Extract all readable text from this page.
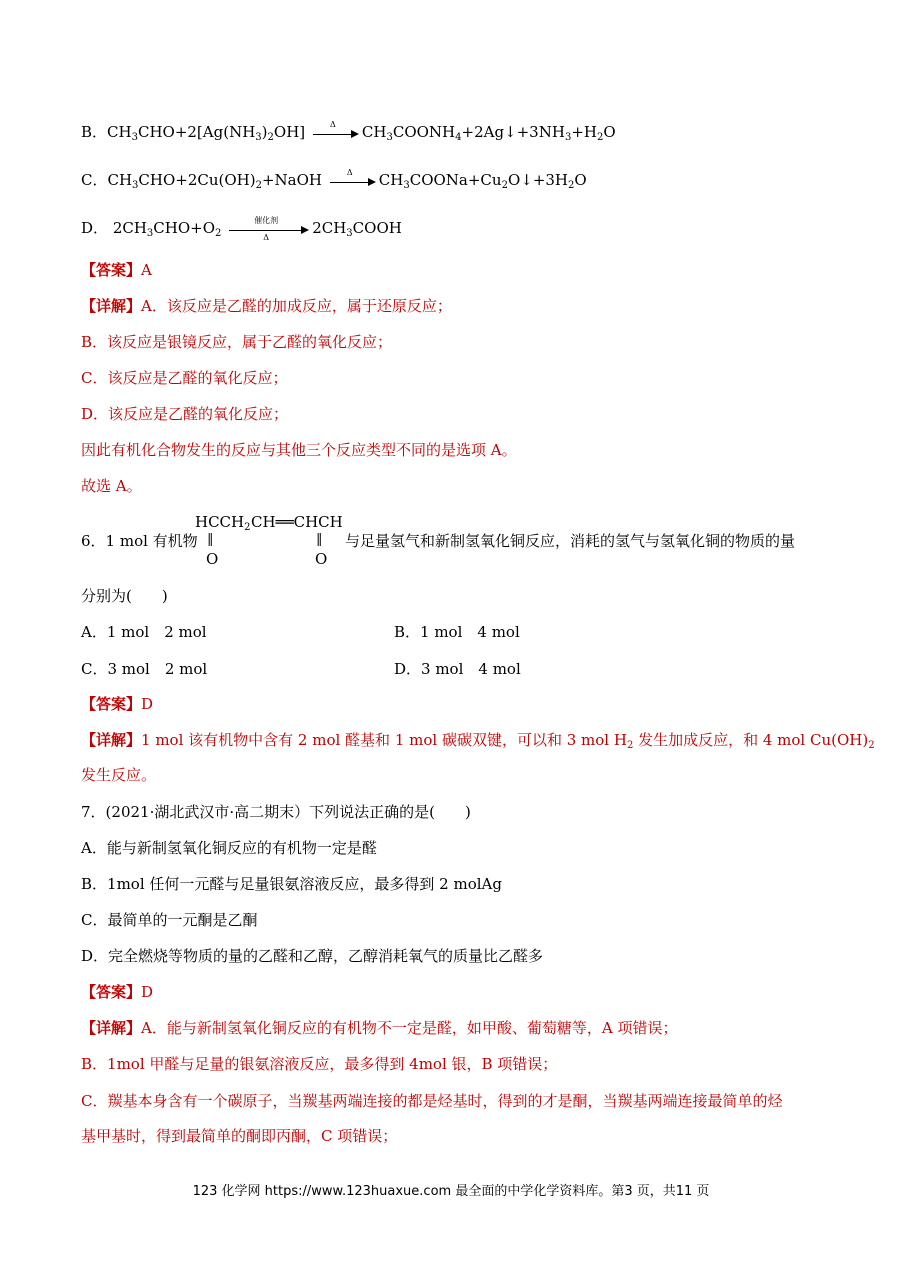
B．$CH_3CHO+2[Ag(NH_3)_2OH]$	Δ	$CH_3COONH_4+2Ag↓+3NH_3+H_2O$
C．$CH_3CHO+2Cu(OH)_2+NaOH$	Δ	$CH_3COONa+Cu_2O↓+3H_2O$
D． $2CH_3CHO+O_2$
催化剂
Δ
$2CH_3COOH$
【答案】A
【详解】A．该反应是乙醛的加成反应，属于还原反应；
B．该反应是银镜反应，属于乙醛的氧化反应；
C．该反应是乙醛的氧化反应；
D．该反应是乙醛的氧化反应；
因此有机化合物发生的反应与其他三个反应类型不同的是选项 A。
故选 A。
6．1 mol 有机物
$HCCH_2$ CH══CHCH
‖	‖
O	O
与足量氢气和新制氢氧化铜反应，消耗的氢气与氢氧化铜的物质的量
分别为(　　)
A．1 mol　2 mol	B．1 mol　4 mol
C．3 mol　2 mol	D．3 mol　4 mol
【答案】D
【详解】1 mol 该有机物中含有 2 mol 醛基和 1 mol 碳碳双键，可以和 3 mol $H_2$ 发生加成反应，和 4 mol $Cu(OH)_2$
发生反应。
7．(2021·湖北武汉市·高二期末）下列说法正确的是(　　)
A．能与新制氢氧化铜反应的有机物一定是醛
B．1mol 任何一元醛与足量银氨溶液反应，最多得到 2 molAg
C．最简单的一元酮是乙酮
D．完全燃烧等物质的量的乙醛和乙醇，乙醇消耗氧气的质量比乙醛多
【答案】D
【详解】A．能与新制氢氧化铜反应的有机物不一定是醛，如甲酸、葡萄糖等，A 项错误；
B．1mol 甲醛与足量的银氨溶液反应，最多得到 4mol 银，B 项错误；
C．羰基本身含有一个碳原子，当羰基两端连接的都是烃基时，得到的才是酮，当羰基两端连接最简单的烃
基甲基时，得到最简单的酮即丙酮，C 项错误；
123 化学网 https://www.123huaxue.com 最全面的中学化学资料库。第3 页，共11 页
